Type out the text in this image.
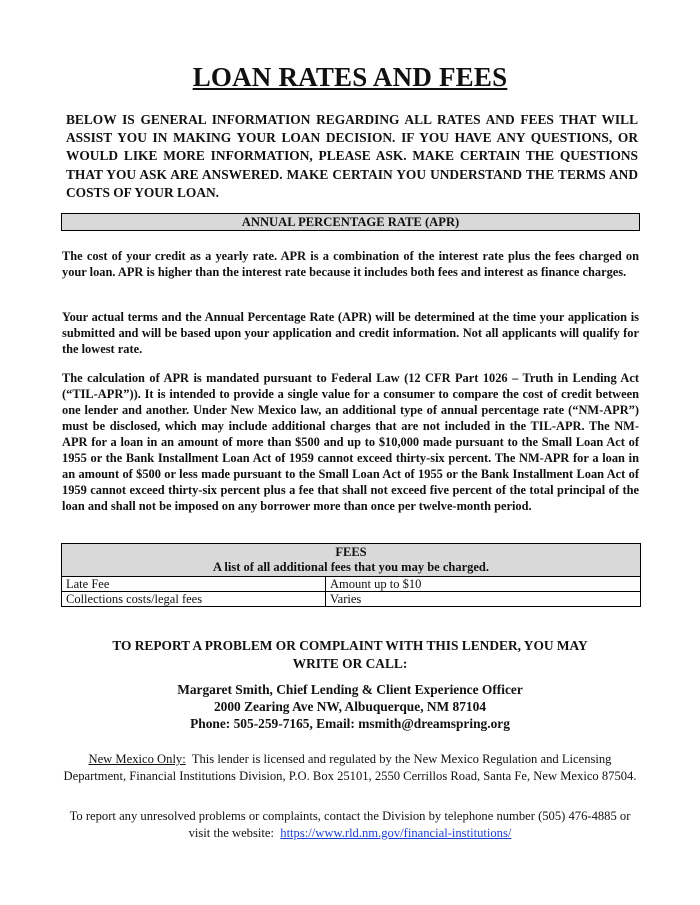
LOAN RATES AND FEES

BELOW IS GENERAL INFORMATION REGARDING ALL RATES AND FEES THAT WILL ASSIST YOU IN MAKING YOUR LOAN DECISION. IF YOU HAVE ANY QUESTIONS, OR WOULD LIKE MORE INFORMATION, PLEASE ASK. MAKE CERTAIN THE QUESTIONS THAT YOU ASK ARE ANSWERED. MAKE CERTAIN YOU UNDERSTAND THE TERMS AND COSTS OF YOUR LOAN.

ANNUAL PERCENTAGE RATE (APR)

The cost of your credit as a yearly rate. APR is a combination of the interest rate plus the fees charged on your loan. APR is higher than the interest rate because it includes both fees and interest as finance charges.

Your actual terms and the Annual Percentage Rate (APR) will be determined at the time your application is submitted and will be based upon your application and credit information. Not all applicants will qualify for the lowest rate.

The calculation of APR is mandated pursuant to Federal Law (12 CFR Part 1026 – Truth in Lending Act (“TIL-APR”)). It is intended to provide a single value for a consumer to compare the cost of credit between one lender and another. Under New Mexico law, an additional type of annual percentage rate (“NM-APR”) must be disclosed, which may include additional charges that are not included in the TIL-APR. The NM-APR for a loan in an amount of more than $500 and up to $10,000 made pursuant to the Small Loan Act of 1955 or the Bank Installment Loan Act of 1959 cannot exceed thirty-six percent. The NM-APR for a loan in an amount of $500 or less made pursuant to the Small Loan Act of 1955 or the Bank Installment Loan Act of 1959 cannot exceed thirty-six percent plus a fee that shall not exceed five percent of the total principal of the loan and shall not be imposed on any borrower more than once per twelve-month period.

FEES
A list of all additional fees that you may be charged.	

Late Fee	Amount up to $10
Collections costs/legal fees	Varies
TO REPORT A PROBLEM OR COMPLAINT WITH THIS LENDER, YOU MAY
WRITE OR CALL:
Margaret Smith, Chief Lending & Client Experience Officer
2000 Zearing Ave NW, Albuquerque, NM 87104
Phone: 505-259-7165, Email: msmith@dreamspring.org
New Mexico Only: This lender is licensed and regulated by the New Mexico Regulation and Licensing Department, Financial Institutions Division, P.O. Box 25101, 2550 Cerrillos Road, Santa Fe, New Mexico 87504.
To report any unresolved problems or complaints, contact the Division by telephone number (505) 476-4885 or visit the website: https://www.rld.nm.gov/financial-institutions/
